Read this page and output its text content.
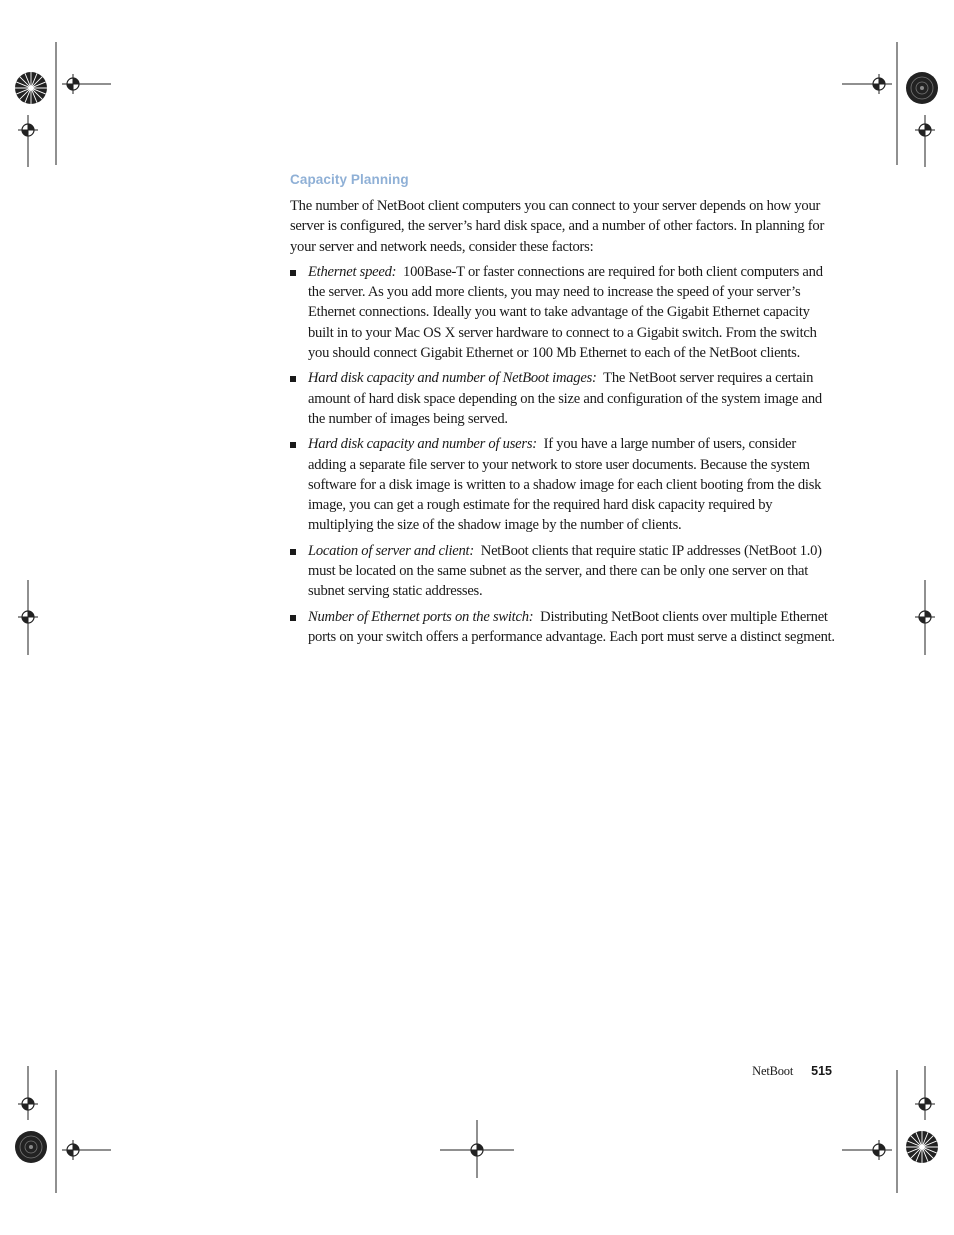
Capacity Planning

The number of NetBoot client computers you can connect to your server depends on how your server is configured, the server’s hard disk space, and a number of other factors. In planning for your server and network needs, consider these factors:

Ethernet speed: 100Base-T or faster connections are required for both client computers and the server. As you add more clients, you may need to increase the speed of your server’s Ethernet connections. Ideally you want to take advantage of the Gigabit Ethernet capacity built in to your Mac OS X server hardware to connect to a Gigabit switch. From the switch you should connect Gigabit Ethernet or 100 Mb Ethernet to each of the NetBoot clients.
Hard disk capacity and number of NetBoot images: The NetBoot server requires a certain amount of hard disk space depending on the size and configuration of the system image and the number of images being served.
Hard disk capacity and number of users: If you have a large number of users, consider adding a separate file server to your network to store user documents. Because the system software for a disk image is written to a shadow image for each client booting from the disk image, you can get a rough estimate for the required hard disk capacity required by multiplying the size of the shadow image by the number of clients.
Location of server and client: NetBoot clients that require static IP addresses (NetBoot 1.0) must be located on the same subnet as the server, and there can be only one server on that subnet serving static addresses.
Number of Ethernet ports on the switch: Distributing NetBoot clients over multiple Ethernet ports on your switch offers a performance advantage. Each port must serve a distinct segment.
NetBoot 515
